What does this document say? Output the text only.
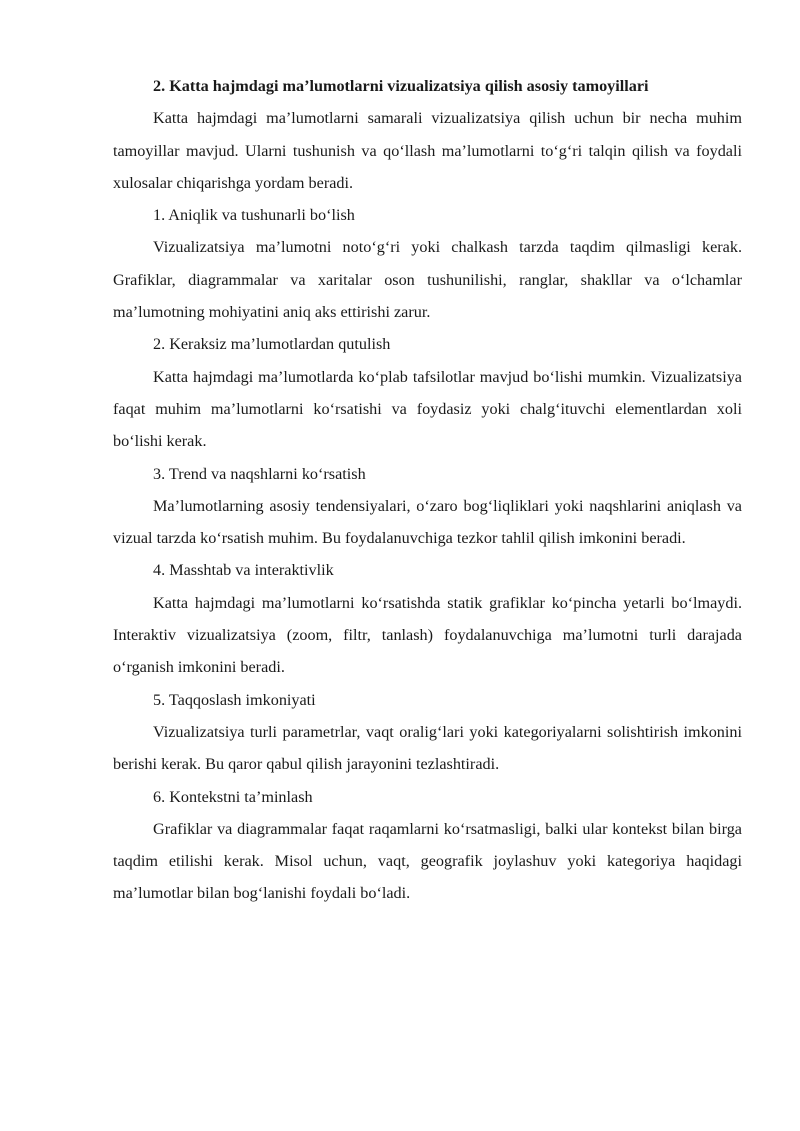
2. Katta hajmdagi ma’lumotlarni vizualizatsiya qilish asosiy tamoyillari

Katta hajmdagi ma’lumotlarni samarali vizualizatsiya qilish uchun bir necha muhim tamoyillar mavjud. Ularni tushunish va qo‘llash ma’lumotlarni to‘g‘ri talqin qilish va foydali xulosalar chiqarishga yordam beradi.

1. Aniqlik va tushunarli bo‘lish

Vizualizatsiya ma’lumotni noto‘g‘ri yoki chalkash tarzda taqdim qilmasligi kerak. Grafiklar, diagrammalar va xaritalar oson tushunilishi, ranglar, shakllar va o‘lchamlar ma’lumotning mohiyatini aniq aks ettirishi zarur.

2. Keraksiz ma’lumotlardan qutulish

Katta hajmdagi ma’lumotlarda ko‘plab tafsilotlar mavjud bo‘lishi mumkin. Vizualizatsiya faqat muhim ma’lumotlarni ko‘rsatishi va foydasiz yoki chalg‘ituvchi elementlardan xoli bo‘lishi kerak.

3. Trend va naqshlarni ko‘rsatish

Ma’lumotlarning asosiy tendensiyalari, o‘zaro bog‘liqliklari yoki naqshlarini aniqlash va vizual tarzda ko‘rsatish muhim. Bu foydalanuvchiga tezkor tahlil qilish imkonini beradi.

4. Masshtab va interaktivlik

Katta hajmdagi ma’lumotlarni ko‘rsatishda statik grafiklar ko‘pincha yetarli bo‘lmaydi. Interaktiv vizualizatsiya (zoom, filtr, tanlash) foydalanuvchiga ma’lumotni turli darajada o‘rganish imkonini beradi.

5. Taqqoslash imkoniyati

Vizualizatsiya turli parametrlar, vaqt oralig‘lari yoki kategoriyalarni solishtirish imkonini berishi kerak. Bu qaror qabul qilish jarayonini tezlashtiradi.

6. Kontekstni ta’minlash

Grafiklar va diagrammalar faqat raqamlarni ko‘rsatmasligi, balki ular kontekst bilan birga taqdim etilishi kerak. Misol uchun, vaqt, geografik joylashuv yoki kategoriya haqidagi ma’lumotlar bilan bog‘lanishi foydali bo‘ladi.
